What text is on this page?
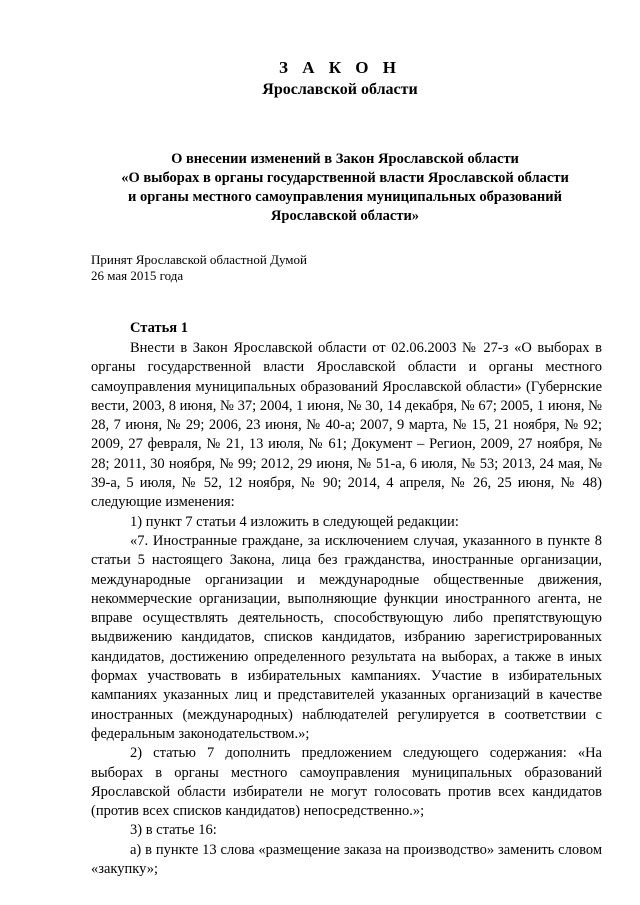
З А К О Н
Ярославской области
О внесении изменений в Закон Ярославской области
«О выборах в органы государственной власти Ярославской области
и органы местного самоуправления муниципальных образований
Ярославской области»
Принят Ярославской областной Думой
26 мая 2015 года
Статья 1

Внести в Закон Ярославской области от 02.06.2003 № 27-з «О выборах в органы государственной власти Ярославской области и органы местного самоуправления муниципальных образований Ярославской области» (Губернские вести, 2003, 8 июня, № 37; 2004, 1 июня, № 30, 14 декабря, № 67; 2005, 1 июня, № 28, 7 июня, № 29; 2006, 23 июня, № 40-а; 2007, 9 марта, № 15, 21 ноября, № 92; 2009, 27 февраля, № 21, 13 июля, № 61; Документ – Регион, 2009, 27 ноября, № 28; 2011, 30 ноября, № 99; 2012, 29 июня, № 51-а, 6 июля, № 53; 2013, 24 мая, № 39-а, 5 июля, № 52, 12 ноября, № 90; 2014, 4 апреля, № 26, 25 июня, № 48) следующие изменения:

1) пункт 7 статьи 4 изложить в следующей редакции:

«7. Иностранные граждане, за исключением случая, указанного в пункте 8 статьи 5 настоящего Закона, лица без гражданства, иностранные организации, международные организации и международные общественные движения, некоммерческие организации, выполняющие функции иностранного агента, не вправе осуществлять деятельность, способствующую либо препятствующую выдвижению кандидатов, списков кандидатов, избранию зарегистрированных кандидатов, достижению определенного результата на выборах, а также в иных формах участвовать в избирательных кампаниях. Участие в избирательных кампаниях указанных лиц и представителей указанных организаций в качестве иностранных (международных) наблюдателей регулируется в соответствии с федеральным законодательством.»;

2) статью 7 дополнить предложением следующего содержания: «На выборах в органы местного самоуправления муниципальных образований Ярославской области избиратели не могут голосовать против всех кандидатов (против всех списков кандидатов) непосредственно.»;

3) в статье 16:

а) в пункте 13 слова «размещение заказа на производство» заменить словом «закупку»;
